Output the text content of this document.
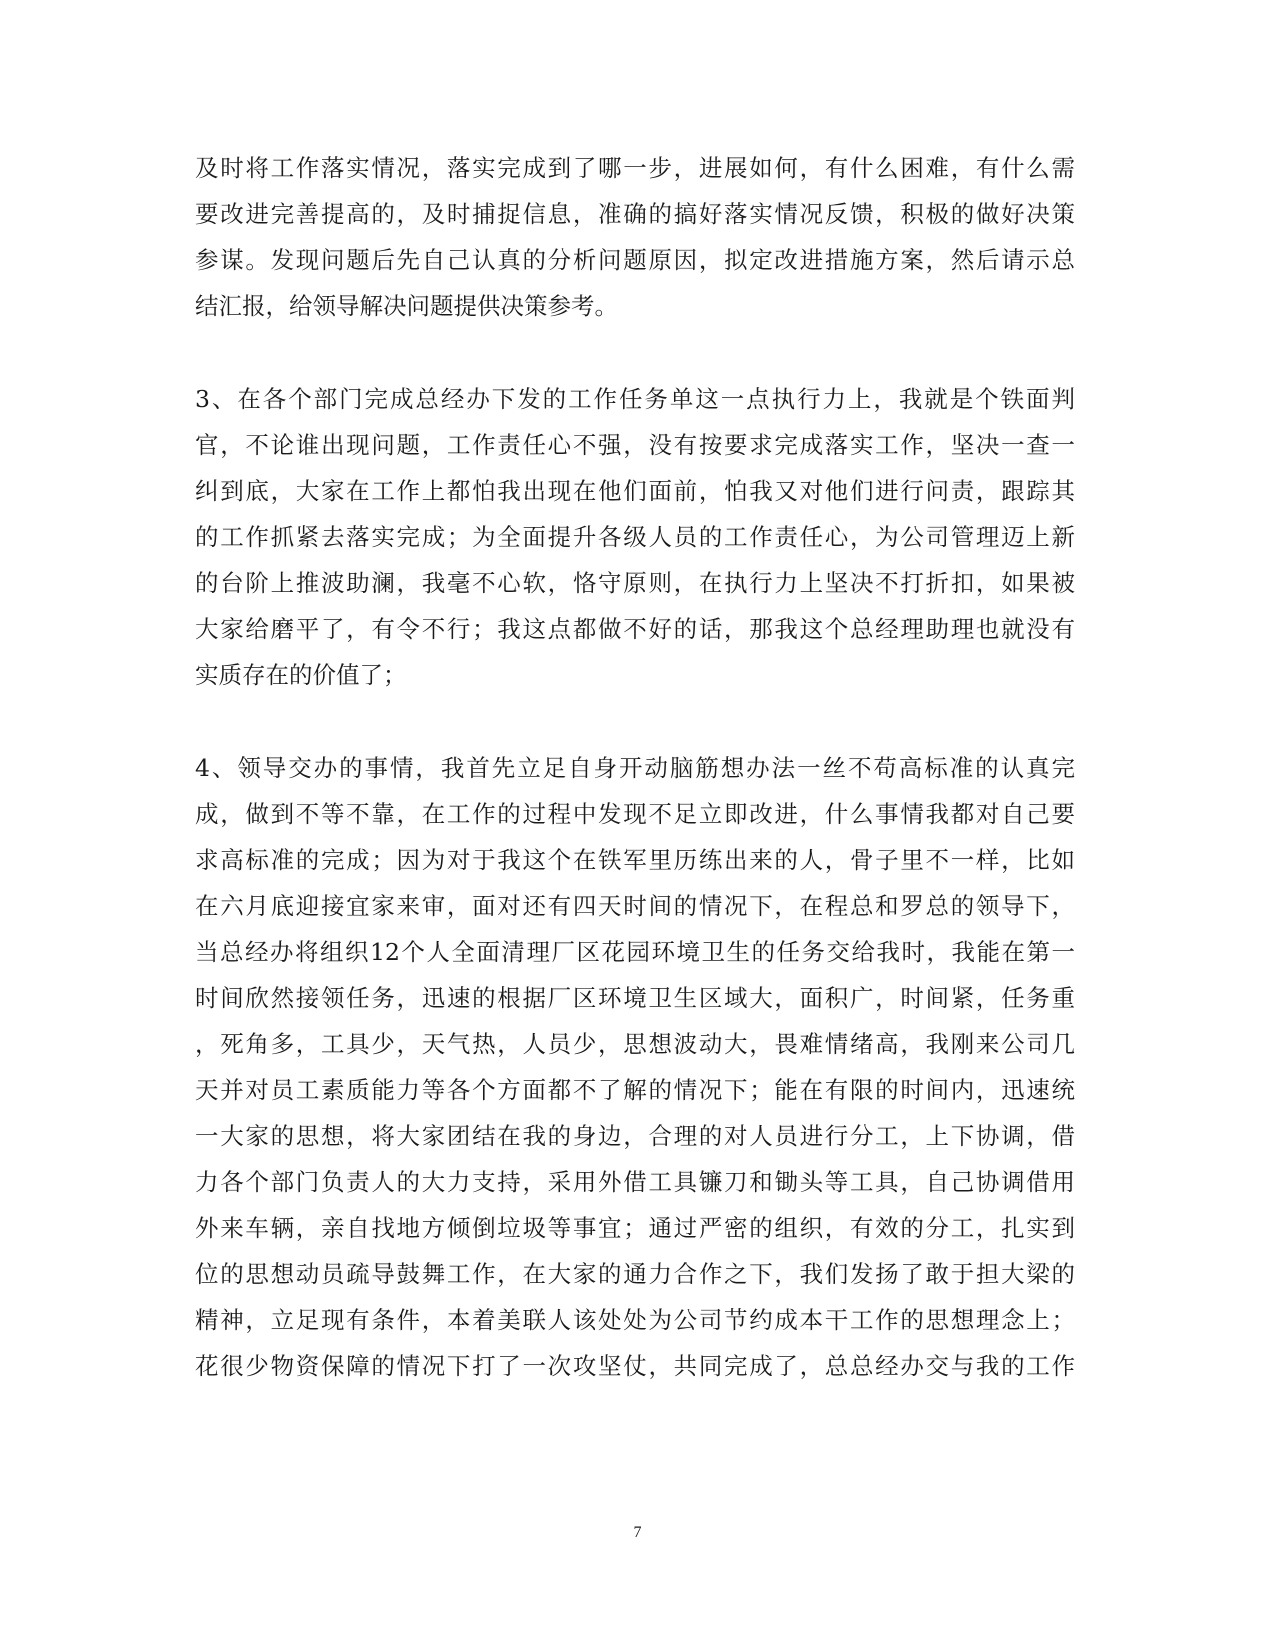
及时将工作落实情况，落实完成到了哪一步，进展如何，有什么困难，有什么需
要改进完善提高的，及时捕捉信息，准确的搞好落实情况反馈，积极的做好决策
参谋。发现问题后先自己认真的分析问题原因，拟定改进措施方案，然后请示总
结汇报，给领导解决问题提供决策参考。
3、在各个部门完成总经办下发的工作任务单这一点执行力上，我就是个铁面判
官，不论谁出现问题，工作责任心不强，没有按要求完成落实工作，坚决一查一
纠到底，大家在工作上都怕我出现在他们面前，怕我又对他们进行问责，跟踪其
的工作抓紧去落实完成；为全面提升各级人员的工作责任心，为公司管理迈上新
的台阶上推波助澜，我毫不心软，恪守原则，在执行力上坚决不打折扣，如果被
大家给磨平了，有令不行；我这点都做不好的话，那我这个总经理助理也就没有
实质存在的价值了；
4、领导交办的事情，我首先立足自身开动脑筋想办法一丝不苟高标准的认真完
成，做到不等不靠，在工作的过程中发现不足立即改进，什么事情我都对自己要
求高标准的完成；因为对于我这个在铁军里历练出来的人，骨子里不一样，比如
在六月底迎接宜家来审，面对还有四天时间的情况下，在程总和罗总的领导下，
当总经办将组织12个人全面清理厂区花园环境卫生的任务交给我时，我能在第一
时间欣然接领任务，迅速的根据厂区环境卫生区域大，面积广，时间紧，任务重
，死角多，工具少，天气热，人员少，思想波动大，畏难情绪高，我刚来公司几
天并对员工素质能力等各个方面都不了解的情况下；能在有限的时间内，迅速统
一大家的思想，将大家团结在我的身边，合理的对人员进行分工，上下协调，借
力各个部门负责人的大力支持，采用外借工具镰刀和锄头等工具，自己协调借用
外来车辆，亲自找地方倾倒垃圾等事宜；通过严密的组织，有效的分工，扎实到
位的思想动员疏导鼓舞工作，在大家的通力合作之下，我们发扬了敢于担大梁的
精神，立足现有条件，本着美联人该处处为公司节约成本干工作的思想理念上；
花很少物资保障的情况下打了一次攻坚仗，共同完成了，总总经办交与我的工作
7
